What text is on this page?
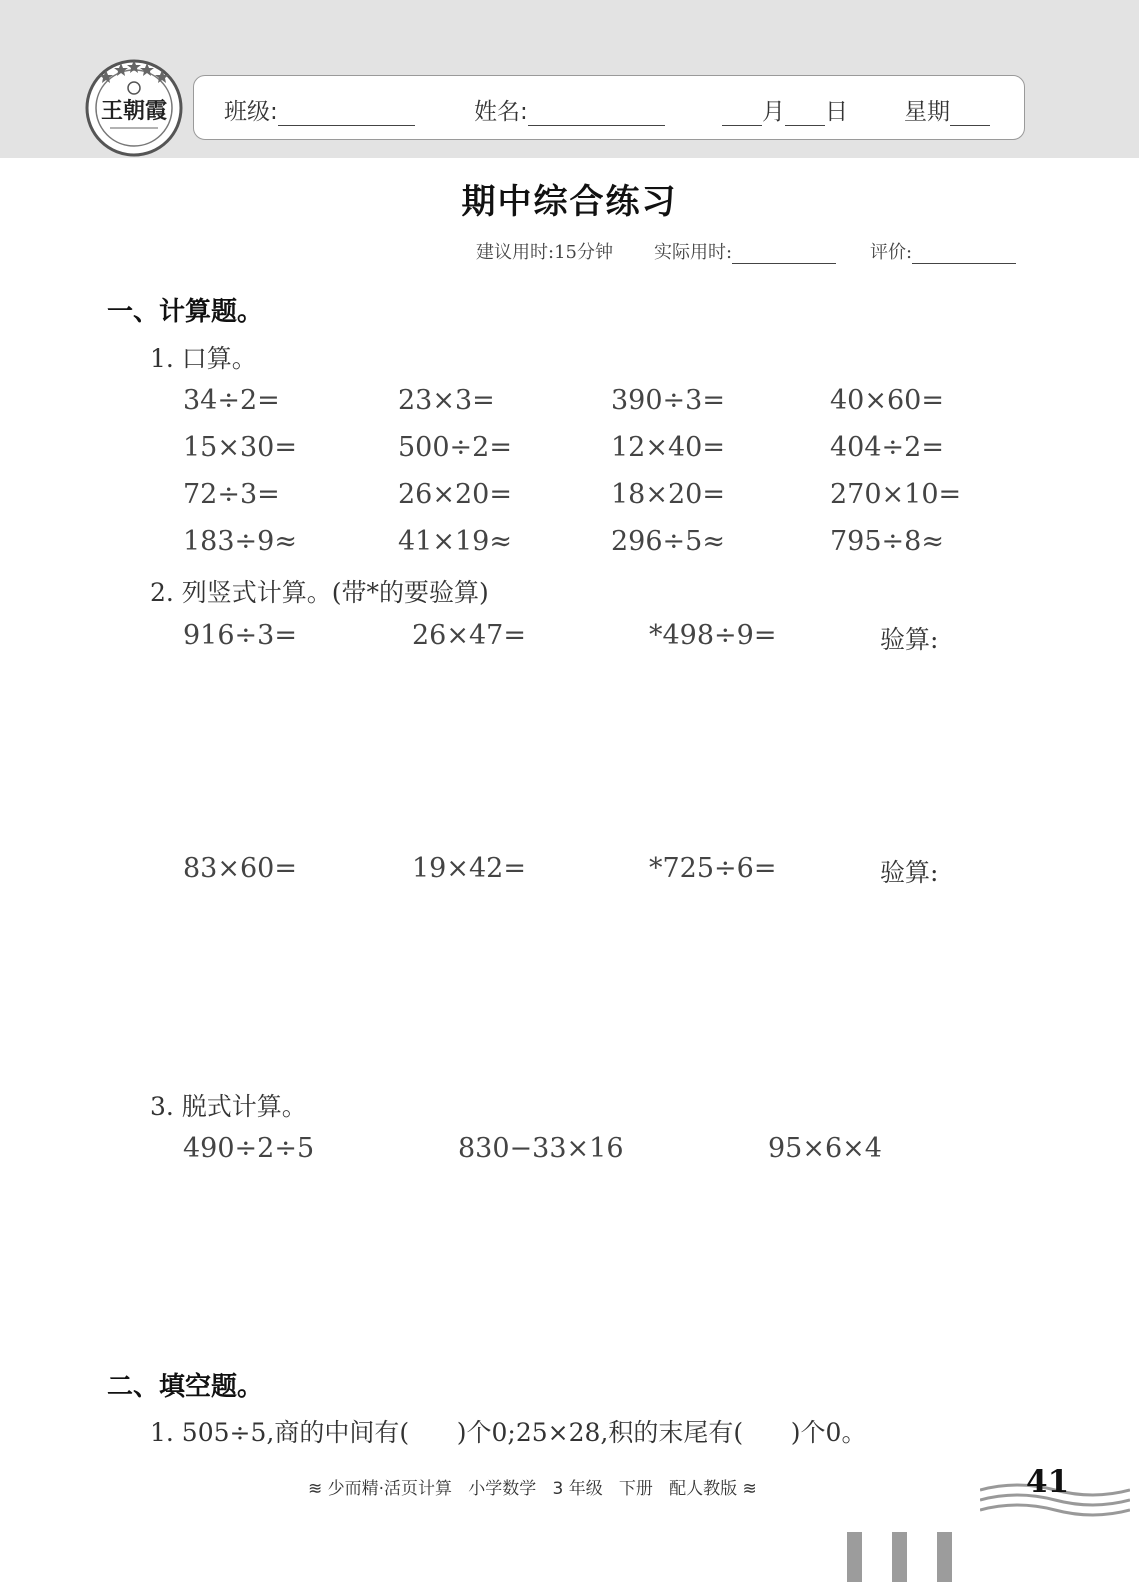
王朝霞 班级:	姓名:	月 日 星期
期中综合练习
建议用时:15分钟 实际用时:	评价:
一、计算题。
1. 口算。
34÷2=	23×3=	390÷3=	40×60=
15×30=	500÷2=	12×40=	404÷2=
72÷3=	26×20=	18×20=	270×10=
183÷9≈	41×19≈	296÷5≈	795÷8≈
2. 列竖式计算。(带*的要验算)
916÷3=	26×47=	*498÷9=	验算:
83×60=	19×42=	*725÷6=	验算:
3. 脱式计算。
490÷2÷5	830−33×16	95×6×4
二、填空题。
1. 505÷5,商的中间有(      )个0;25×28,积的末尾有(      )个0。
≋ 少而精·活页计算   小学数学   3 年级   下册   配人教版 ≋	41
